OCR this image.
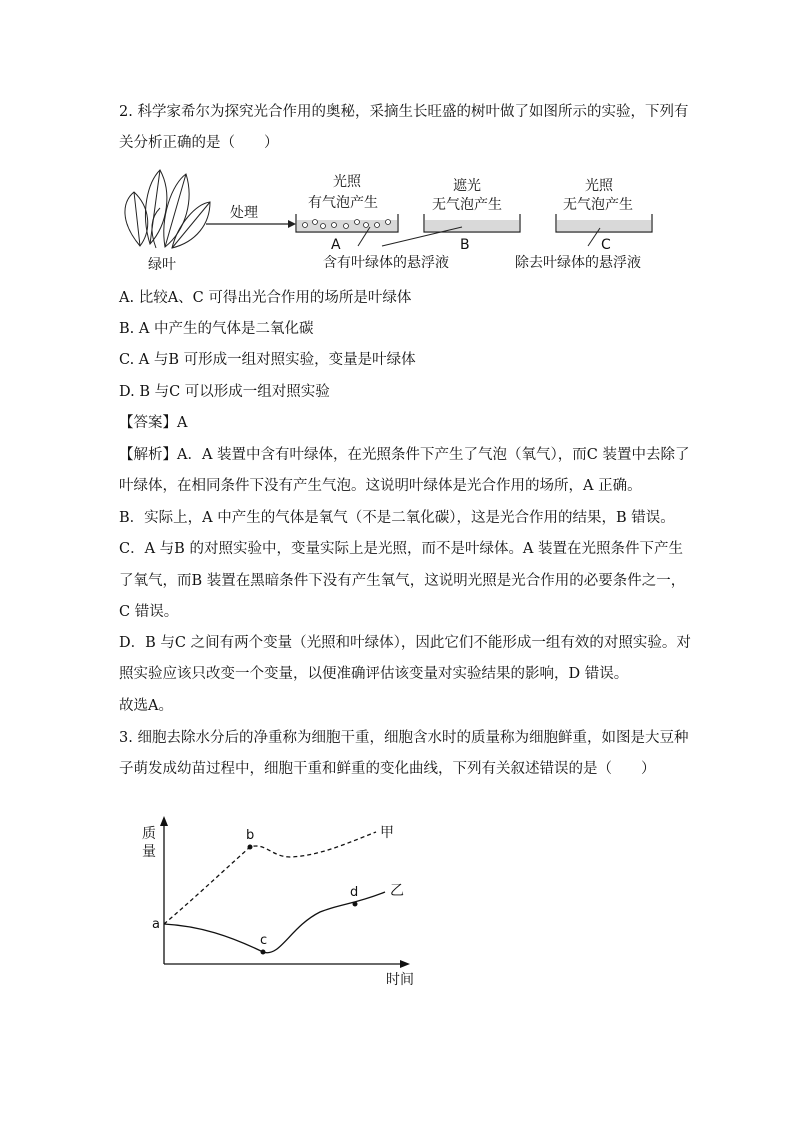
2. 科学家希尔为探究光合作用的奥秘，采摘生长旺盛的树叶做了如图所示的实验，下列有
关分析正确的是（　　）
绿叶
处理
光照
有气泡产生
A
遮光
无气泡产生
B
光照
无气泡产生
C
含有叶绿体的悬浮液	除去叶绿体的悬浮液
A. 比较A、C 可得出光合作用的场所是叶绿体
B. A 中产生的气体是二氧化碳
C. A 与B 可形成一组对照实验，变量是叶绿体
D. B 与C 可以形成一组对照实验
【答案】A
【解析】A．A 装置中含有叶绿体，在光照条件下产生了气泡（氧气），而C 装置中去除了
叶绿体，在相同条件下没有产生气泡。这说明叶绿体是光合作用的场所，A 正确。
B．实际上，A 中产生的气体是氧气（不是二氧化碳），这是光合作用的结果，B 错误。
C．A 与B 的对照实验中，变量实际上是光照，而不是叶绿体。A 装置在光照条件下产生
了氧气，而B 装置在黑暗条件下没有产生氧气，这说明光照是光合作用的必要条件之一，
C 错误。
D．B 与C 之间有两个变量（光照和叶绿体），因此它们不能形成一组有效的对照实验。对
照实验应该只改变一个变量，以便准确评估该变量对实验结果的影响，D 错误。
故选A。
3. 细胞去除水分后的净重称为细胞干重，细胞含水时的质量称为细胞鲜重，如图是大豆种
子萌发成幼苗过程中，细胞干重和鲜重的变化曲线，下列有关叙述错误的是（　　）
质量
时间
a
b
c
d
甲
乙
